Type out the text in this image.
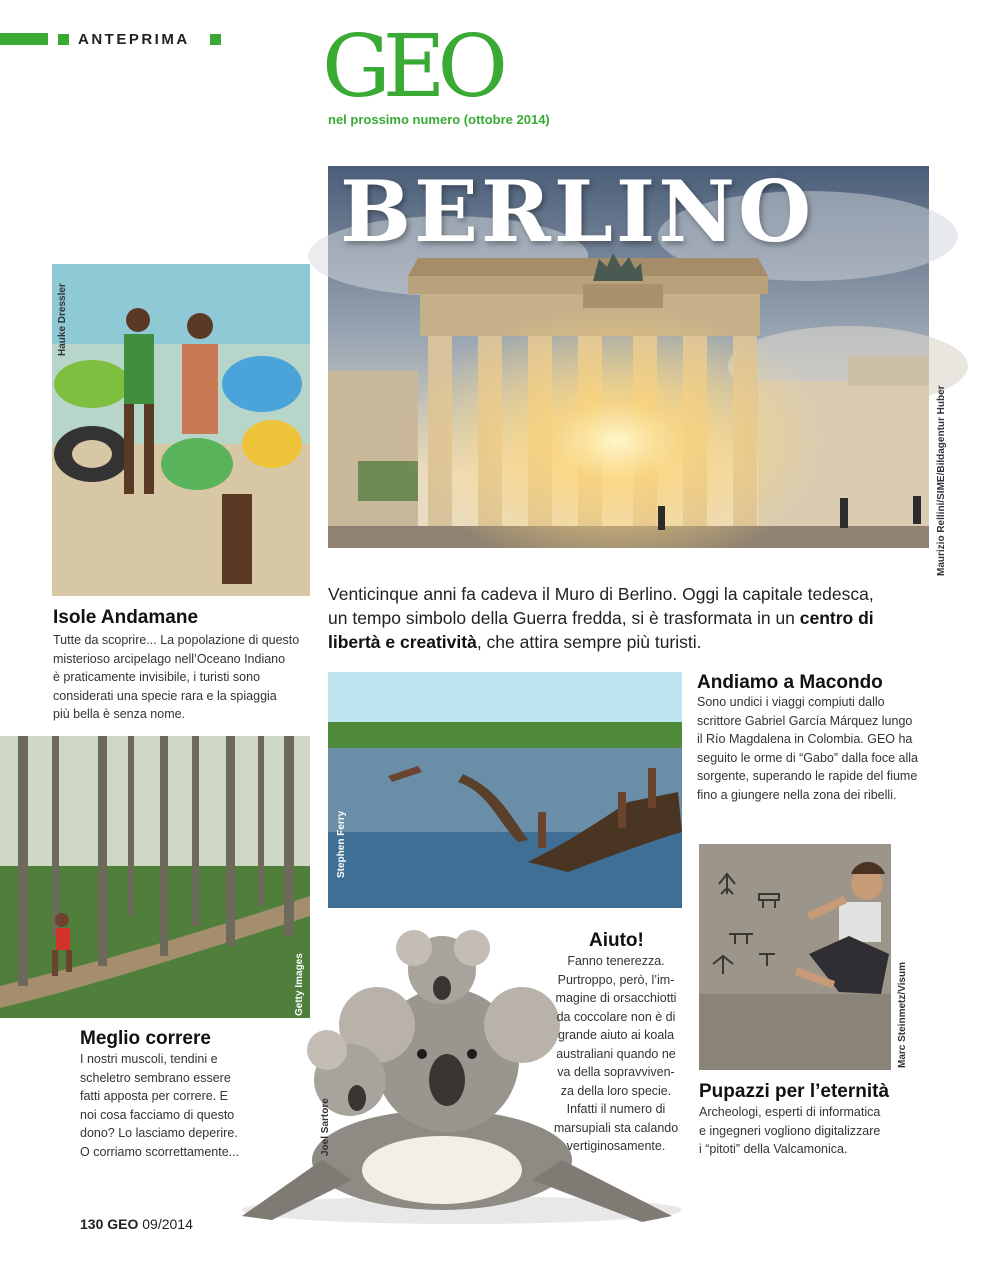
ANTEPRIMA GEO
nel prossimo numero (ottobre 2014)
BERLINO
Maurizio Rellini/SIME/Bildagentur Huber
Venticinque anni fa cadeva il Muro di Berlino. Oggi la capitale tedesca, un tempo simbolo della Guerra fredda, si è trasformata in un centro di libertà e creatività, che attira sempre più turisti.
Hauke Dressler
Isole Andamane

Tutte da scoprire... La popolazione di questo

misterioso arcipelago nell’Oceano Indiano

è praticamente invisibile, i turisti sono

considerati una specie rara e la spiaggia

più bella è senza nome.

Stephen Ferry
Andiamo a Macondo

Sono undici i viaggi compiuti dallo

scrittore Gabriel García Márquez lungo

il Río Magdalena in Colombia. GEO ha

seguito le orme di “Gabo” dalla foce alla

sorgente, superando le rapide del fiume

fino a giungere nella zona dei ribelli.

Getty Images
Meglio correre

I nostri muscoli, tendini e

scheletro sembrano essere

fatti apposta per correre. E

noi cosa facciamo di questo

dono? Lo lasciamo deperire.

O corriamo scorrettamente...	Joel Sartore
Aiuto!

Fanno tenerezza.

Purtroppo, però, l’im-

magine di orsacchiotti

da coccolare non è di

grande aiuto ai koala

australiani quando ne

va della sopravviven-

za della loro specie.

Infatti il numero di

marsupiali sta calando

vertiginosamente.

Marc Steinmetz/Visum
Pupazzi per l’eternità

Archeologi, esperti di informatica

e ingegneri vogliono digitalizzare

i “pitoti” della Valcamonica.

130 GEO 09/2014
